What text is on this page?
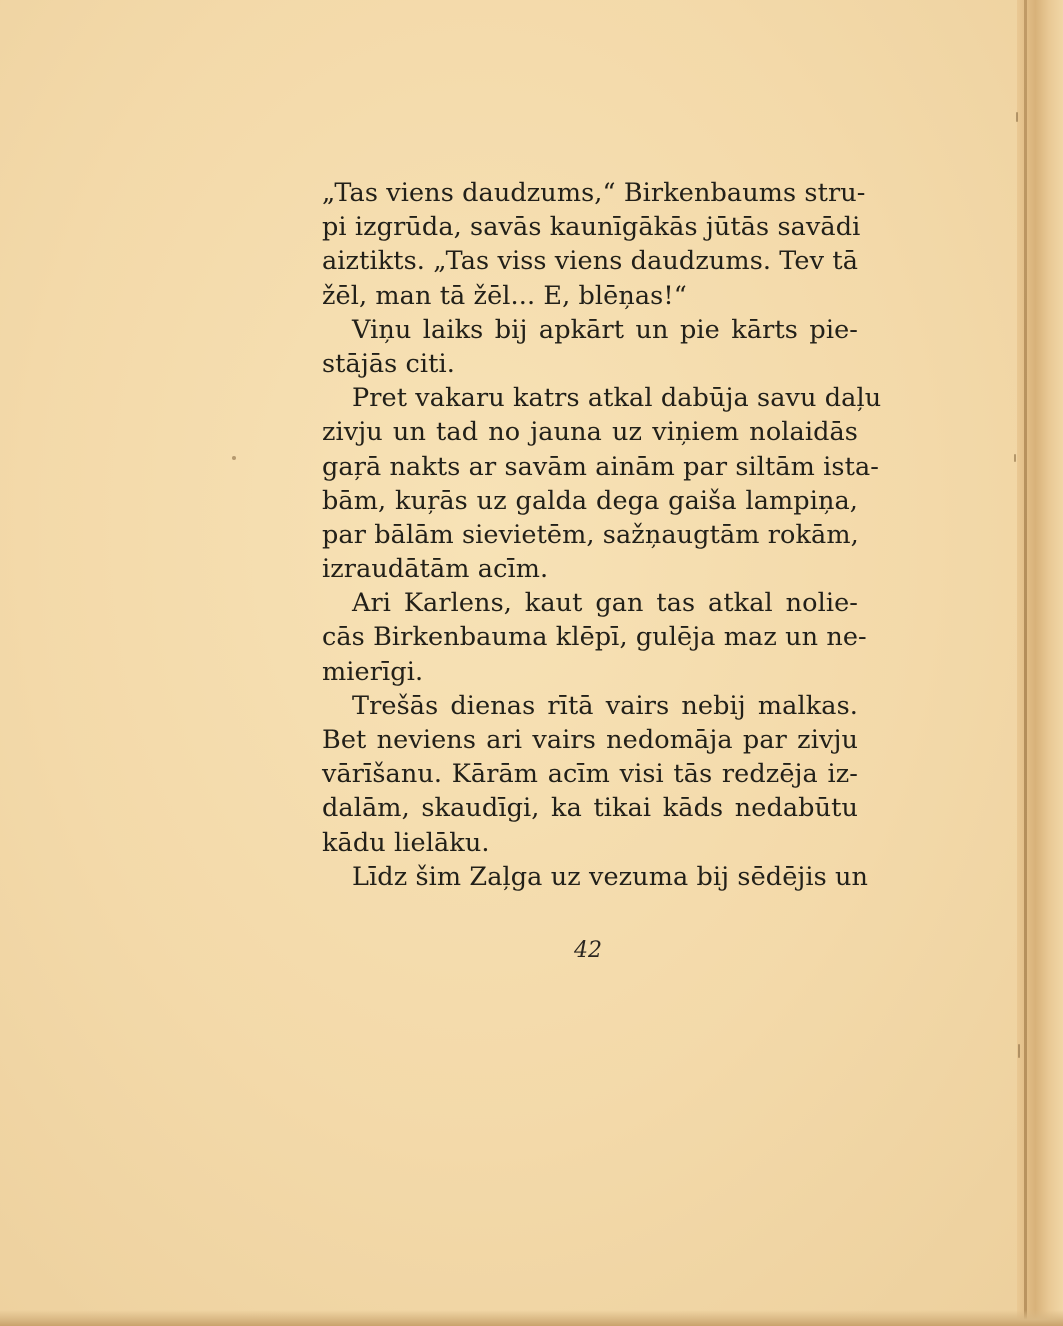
„Tas viens daudzums,“ Birkenbaums stru-
pi izgrūda, savās kaunīgākās jūtās savādi
aiztikts. „Tas viss viens daudzums. Tev tā
žēl, man tā žēl... E, blēņas!“
Viņu laiks bij apkārt un pie kārts pie-
stājās citi.
Pret vakaru katrs atkal dabūja savu daļu
zivju un tad no jauna uz viņiem nolaidās
gaŗā nakts ar savām ainām par siltām ista-
bām, kuŗās uz galda dega gaiša lampiņa,
par bālām sievietēm, sažņaugtām rokām,
izraudātām acīm.
Ari Karlens, kaut gan tas atkal nolie-
cās Birkenbauma klēpī, gulēja maz un ne-
mierīgi.
Trešās dienas rītā vairs nebij malkas.
Bet neviens ari vairs nedomāja par zivju
vārīšanu. Kārām acīm visi tās redzēja iz-
dalām, skaudīgi, ka tikai kāds nedabūtu
kādu lielāku.
Līdz šim Zaļga uz vezuma bij sēdējis un
42
